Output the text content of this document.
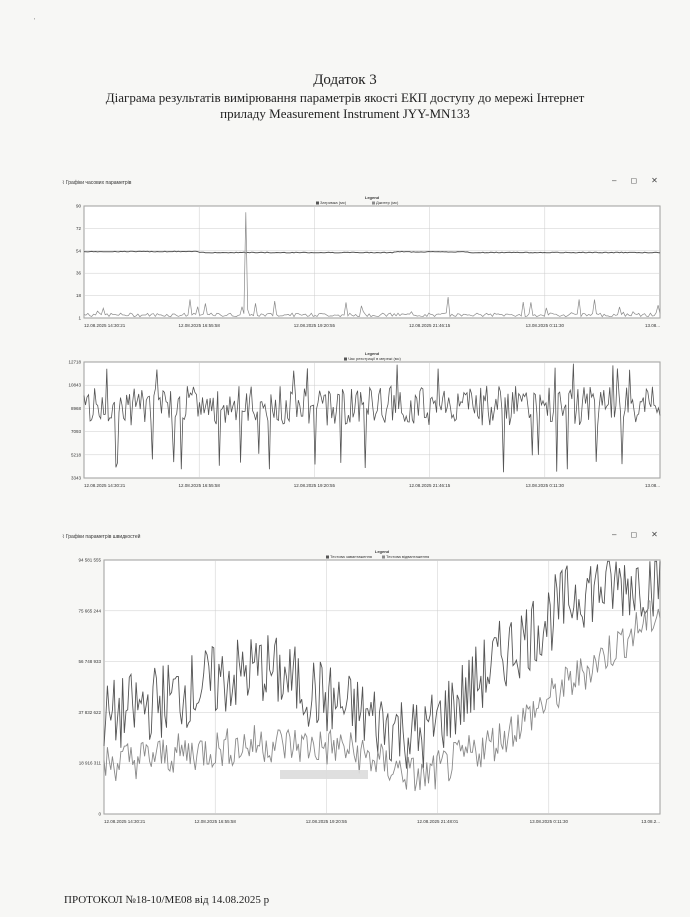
'
Додаток 3
Діаграма результатів вимірювання параметрів якості ЕКП доступу до мережі Інтернет
приладу Measurement Instrument JYY-MN133
⌇ Графіки часових параметрів	– ◻ ✕
⌇ Графіки параметрів швидкостей	– ◻ ✕
90
72
54
36
18
1
12.08.2025 14:30:21	12.08.2025 16:55:58	12.08.2025 19:20:55	12.08.2025 21:46:15	13.08.2025 0:11:30	13.08...
Legend
Затримка (мс)	Джитер (мс)
12718
10843
8968
7093
5218
3343
12.08.2025 14:30:21	12.08.2025 16:55:58	12.08.2025 19:20:55	12.08.2025 21:46:15	13.08.2025 0:11:30	13.08...
Legend
Час реєстрації в мережі (мс)
94 581 555
75 665 244
56 748 933
37 832 622
18 916 311
0
12.08.2025 14:30:21	12.08.2025 16:55:58	12.08.2025 19:20:55	12.08.2025 21:48:01	13.08.2025 0:11:30	13.08.2...
Legend
Тестова завантаження	Тестова відвантаження
ПРОТОКОЛ №18-10/МЕ08 від 14.08.2025 р
